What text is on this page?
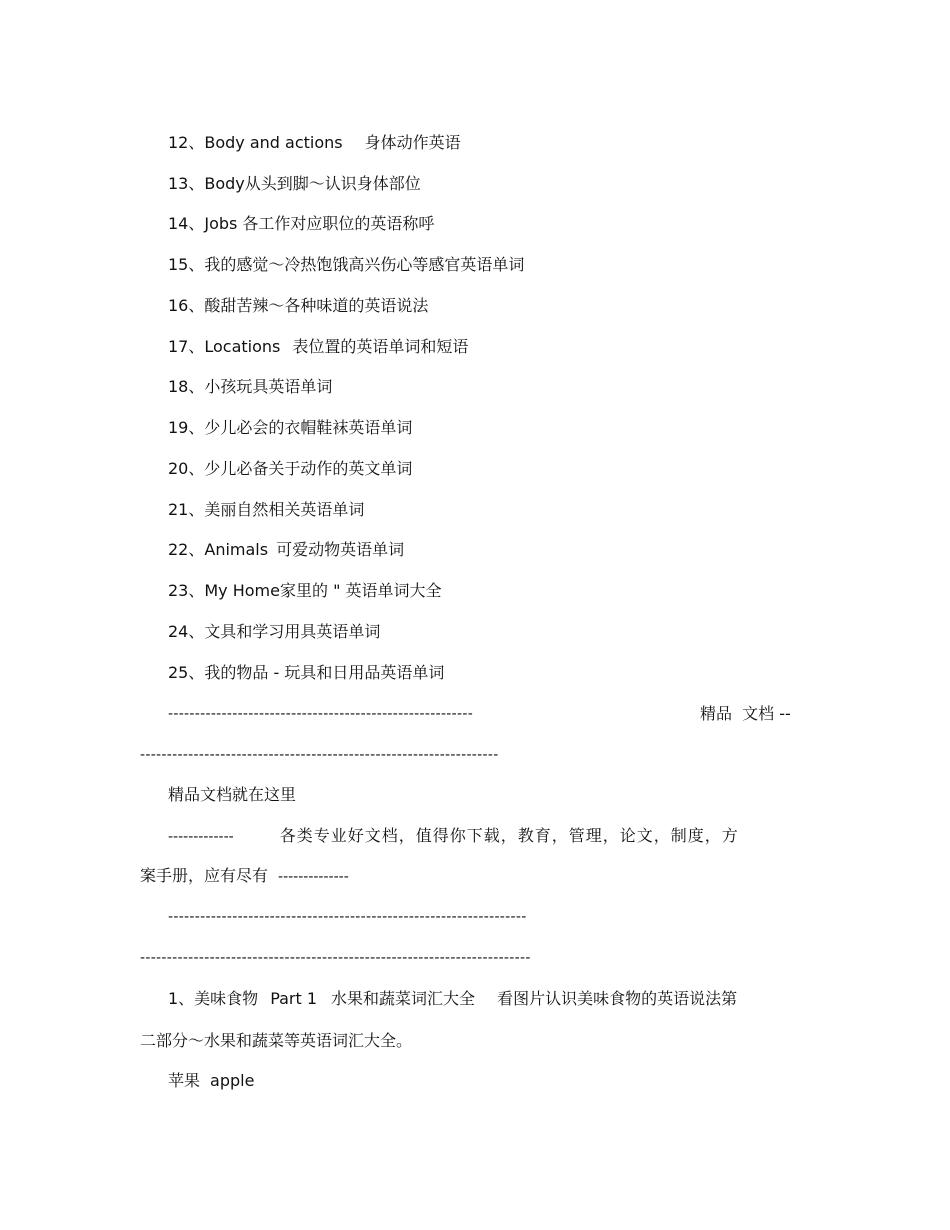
12、Body and actions 身体动作英语

13、Body从头到脚～认识身体部位

14、Jobs 各工作对应职位的英语称呼

15、我的感觉～冷热饱饿高兴伤心等感官英语单词

16、酸甜苦辣～各种味道的英语说法

17、Locations 表位置的英语单词和短语

18、小孩玩具英语单词

19、少儿必会的衣帽鞋袜英语单词

20、少儿必备关于动作的英文单词

21、美丽自然相关英语单词

22、Animals 可爱动物英语单词

23、My Home家里的 " 英语单词大全

24、文具和学习用具英语单词

25、我的物品 - 玩具和日用品英语单词

---------------------------------------------------------	精品  文档 --

-------------------------------------------------------------------

精品文档就在这里

-------------	各类专业好文档，值得你下载，教育，管理，论文，制度，方

案手册，应有尽有 --------------

-------------------------------------------------------------------

-------------------------------------------------------------------------

1、美味食物 Part 1 水果和蔬菜词汇大全 看图片认识美味食物的英语说法第

二部分～水果和蔬菜等英语词汇大全。

苹果 apple
